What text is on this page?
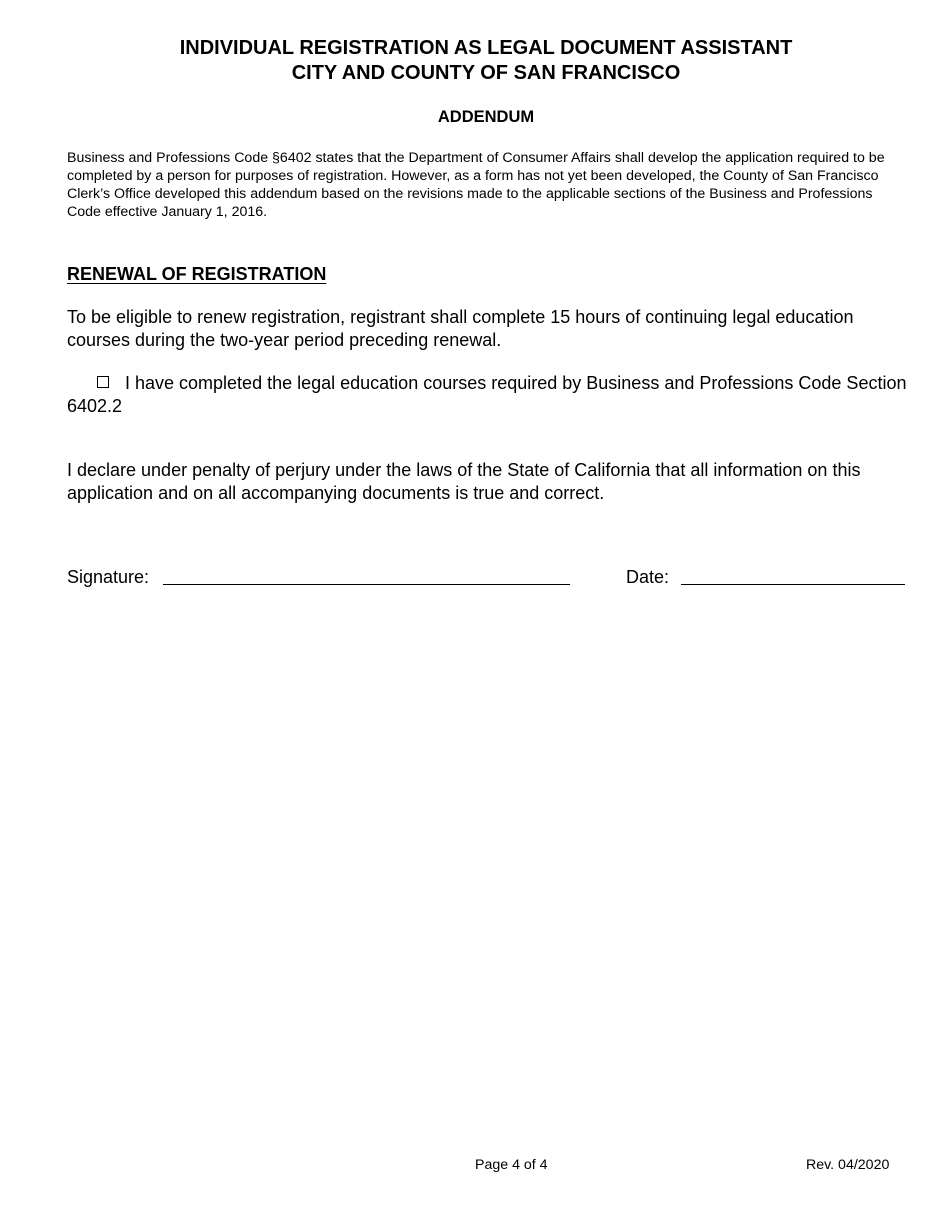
INDIVIDUAL REGISTRATION AS LEGAL DOCUMENT ASSISTANT
CITY AND COUNTY OF SAN FRANCISCO
ADDENDUM
Business and Professions Code §6402 states that the Department of Consumer Affairs shall develop the application required to be completed by a person for purposes of registration. However, as a form has not yet been developed, the County of San Francisco Clerk’s Office developed this addendum based on the revisions made to the applicable sections of the Business and Professions Code effective January 1, 2016.
RENEWAL OF REGISTRATION
To be eligible to renew registration, registrant shall complete 15 hours of continuing legal education courses during the two-year period preceding renewal.
I have completed the legal education courses required by Business and Professions Code Section 6402.2
I declare under penalty of perjury under the laws of the State of California that all information on this application and on all accompanying documents is true and correct.
Signature:	Date:
Page 4 of 4	Rev. 04/2020
